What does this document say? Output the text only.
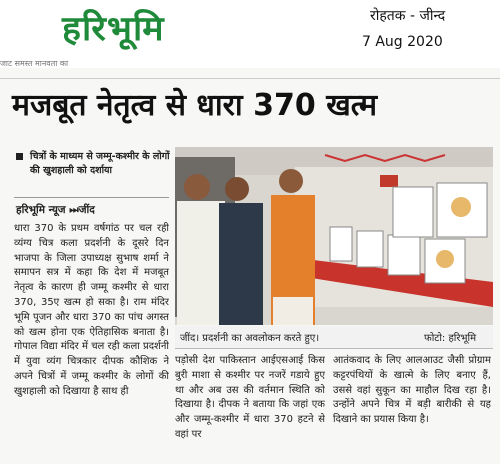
हरिभूमि	रोहतक - जीन्द
7 Aug 2020
जाट समस्त मानवता का
मजबूत नेतृत्व से धारा 370 खत्म
चित्रों के माध्यम से जम्मू-कश्मीर के लोगों की खुशहाली को दर्शाया
हरिभूमि न्यूज ⏭जींद
धारा 370 के प्रथम वर्षगांठ पर चल रही व्यंग्य चित्र कला प्रदर्शनी के दूसरे दिन भाजपा के जिला उपाध्यक्ष सुभाष शर्मा ने समापन सत्र में कहा कि देश में मजबूत नेतृत्व के कारण ही जम्मू कश्मीर से धारा 370, 35ए खत्म हो सका है। राम मंदिर भूमि पूजन और धारा 370 का पांच अगस्त को खत्म होना एक ऐतिहासिक बनाता है। गोपाल विद्या मंदिर में चल रही कला प्रदर्शनी में युवा व्यंग चित्रकार दीपक कौशिक ने अपने चित्रों में जम्मू कश्मीर के लोगों की खुशहाली को दिखाया है साथ ही
जींद। प्रदर्शनी का अवलोकन करते हुए।	फोटो: हरिभूमि
पड़ोसी देश पाकिस्तान आईएसआई किस बुरी माशा से कश्मीर पर नजरें गडाये हुए था और अब उस की वर्तमान स्थिति को दिखाया है। दीपक ने बताया कि जहां एक और जम्मू-कश्मीर में धारा 370 हटने से वहां पर
आतंकवाद के लिए आलआउट जैसी प्रोग्राम कट्टरपंथियों के खात्मे के लिए बनाए हैं, उससे वहां सुकून का माहौल दिख रहा है। उन्होंने अपने चित्र में बड़ी बारीकी से यह दिखाने का प्रयास किया है।
